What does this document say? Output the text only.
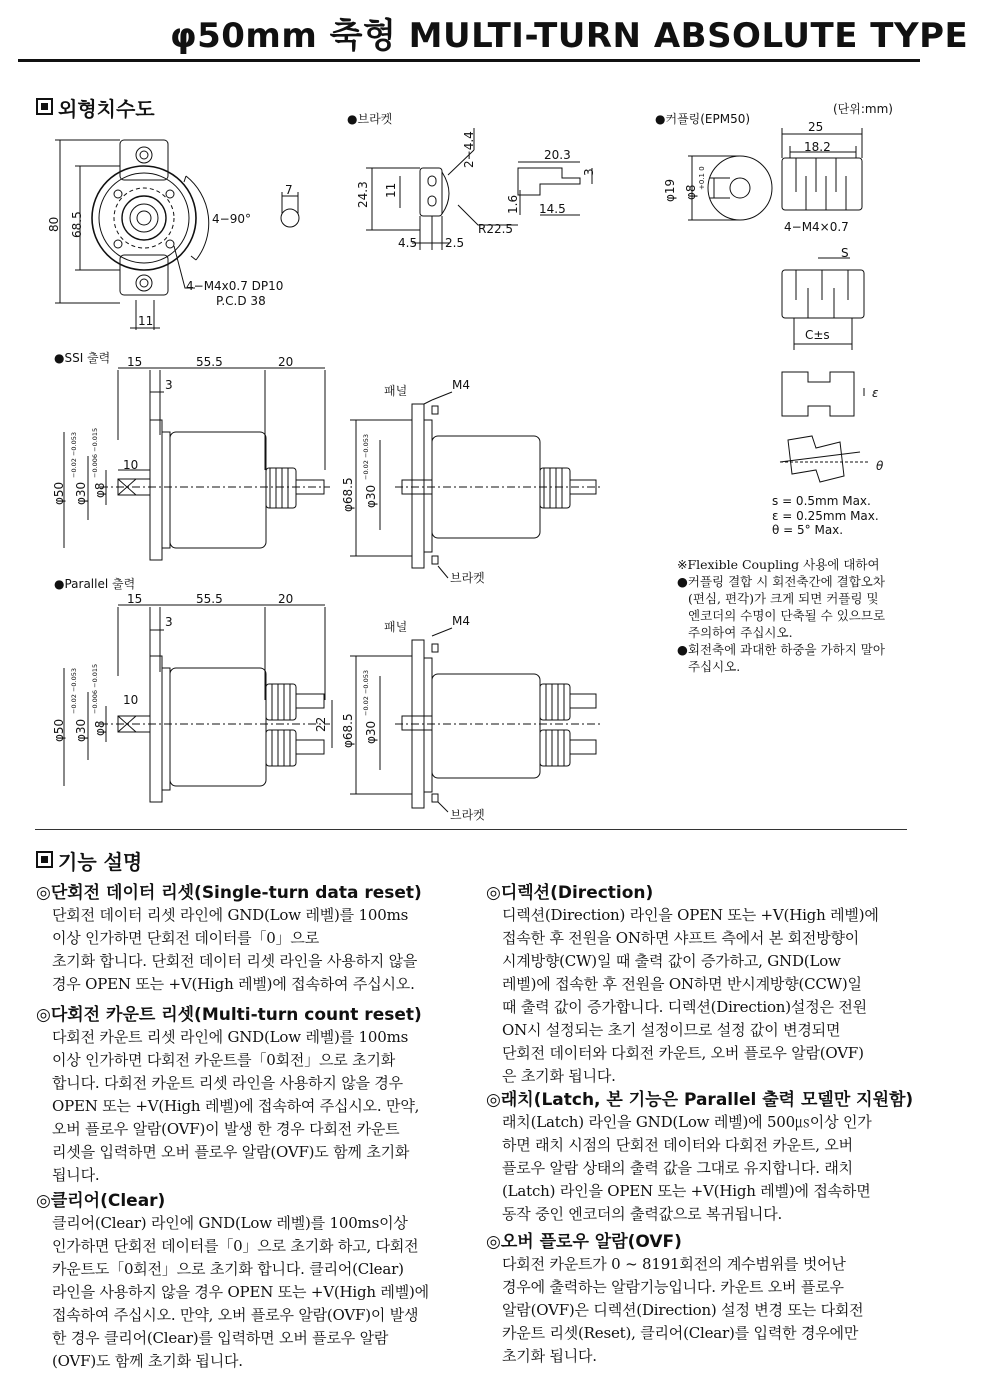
φ50mm 축형 MULTI-TURN ABSOLUTE TYPE
외형치수도	(단위:mm)
80 68.5	4−90°
7
4−M4x0.7 DP10
P.C.D 38
11
●브라켓
24.3 11
2−4.4
4.5 2.5
R22.5
20.3
3
1.6 14.5
●커플링(EPM50)
25
18.2
φ19 φ8
+0.1 0
4−M4×0.7
S
C±s
ε
θ
s = 0.5mm Max.
ε = 0.25mm Max.
θ = 5° Max.
●SSI 출력 15	55.5	20
3
10
φ50 φ30
−0.02 −0.053
φ8
−0.006 −0.015
패널	M4
φ68.5 φ30
−0.02 −0.053
브라켓
●Parallel 출력
15	55.5	20
3
10
φ50 φ30
−0.02 −0.053
φ8
−0.006 −0.015
22
패널	M4
φ68.5 φ30
−0.02 −0.053
브라켓
※Flexible Coupling 사용에 대하여
●커플링 결합 시 회전축간에 결합오차
(편심, 편각)가 크게 되면 커플링 및
엔코더의 수명이 단축될 수 있으므로
주의하여 주십시오.
●회전축에 과대한 하중을 가하지 말아
주십시오.
기능 설명
◎단회전 데이터 리셋(Single-turn data reset)
단회전 데이터 리셋 라인에 GND(Low 레벨)를 100ms
이상 인가하면 단회전 데이터를「0」으로
초기화 합니다. 단회전 데이터 리셋 라인을 사용하지 않을
경우 OPEN 또는 +V(High 레벨)에 접속하여 주십시오.
◎다회전 카운트 리셋(Multi-turn count reset)
다회전 카운트 리셋 라인에 GND(Low 레벨)를 100ms
이상 인가하면 다회전 카운트를「0회전」으로 초기화
합니다. 다회전 카운트 리셋 라인을 사용하지 않을 경우
OPEN 또는 +V(High 레벨)에 접속하여 주십시오. 만약,
오버 플로우 알람(OVF)이 발생 한 경우 다회전 카운트
리셋을 입력하면 오버 플로우 알람(OVF)도 함께 초기화
됩니다.
◎클리어(Clear)
클리어(Clear) 라인에 GND(Low 레벨)를 100ms이상
인가하면 단회전 데이터를「0」으로 초기화 하고, 다회전
카운트도「0회전」으로 초기화 합니다. 클리어(Clear)
라인을 사용하지 않을 경우 OPEN 또는 +V(High 레벨)에
접속하여 주십시오. 만약, 오버 플로우 알람(OVF)이 발생
한 경우 클리어(Clear)를 입력하면 오버 플로우 알람
(OVF)도 함께 초기화 됩니다.
◎디렉션(Direction)
디렉션(Direction) 라인을 OPEN 또는 +V(High 레벨)에
접속한 후 전원을 ON하면 샤프트 측에서 본 회전방향이
시계방향(CW)일 때 출력 값이 증가하고, GND(Low
레벨)에 접속한 후 전원을 ON하면 반시계방향(CCW)일
때 출력 값이 증가합니다. 디렉션(Direction)설정은 전원
ON시 설정되는 초기 설정이므로 설정 값이 변경되면
단회전 데이터와 다회전 카운트, 오버 플로우 알람(OVF)
은 초기화 됩니다.
◎래치(Latch, 본 기능은 Parallel 출력 모델만 지원함)
래치(Latch) 라인을 GND(Low 레벨)에 500㎲이상 인가
하면 래치 시점의 단회전 데이터와 다회전 카운트, 오버
플로우 알람 상태의 출력 값을 그대로 유지합니다. 래치
(Latch) 라인을 OPEN 또는 +V(High 레벨)에 접속하면
동작 중인 엔코더의 출력값으로 복귀됩니다.
◎오버 플로우 알람(OVF)
다회전 카운트가 0 ~ 8191회전의 계수범위를 벗어난
경우에 출력하는 알람기능입니다. 카운트 오버 플로우
알람(OVF)은 디렉션(Direction) 설정 변경 또는 다회전
카운트 리셋(Reset), 클리어(Clear)를 입력한 경우에만
초기화 됩니다.
